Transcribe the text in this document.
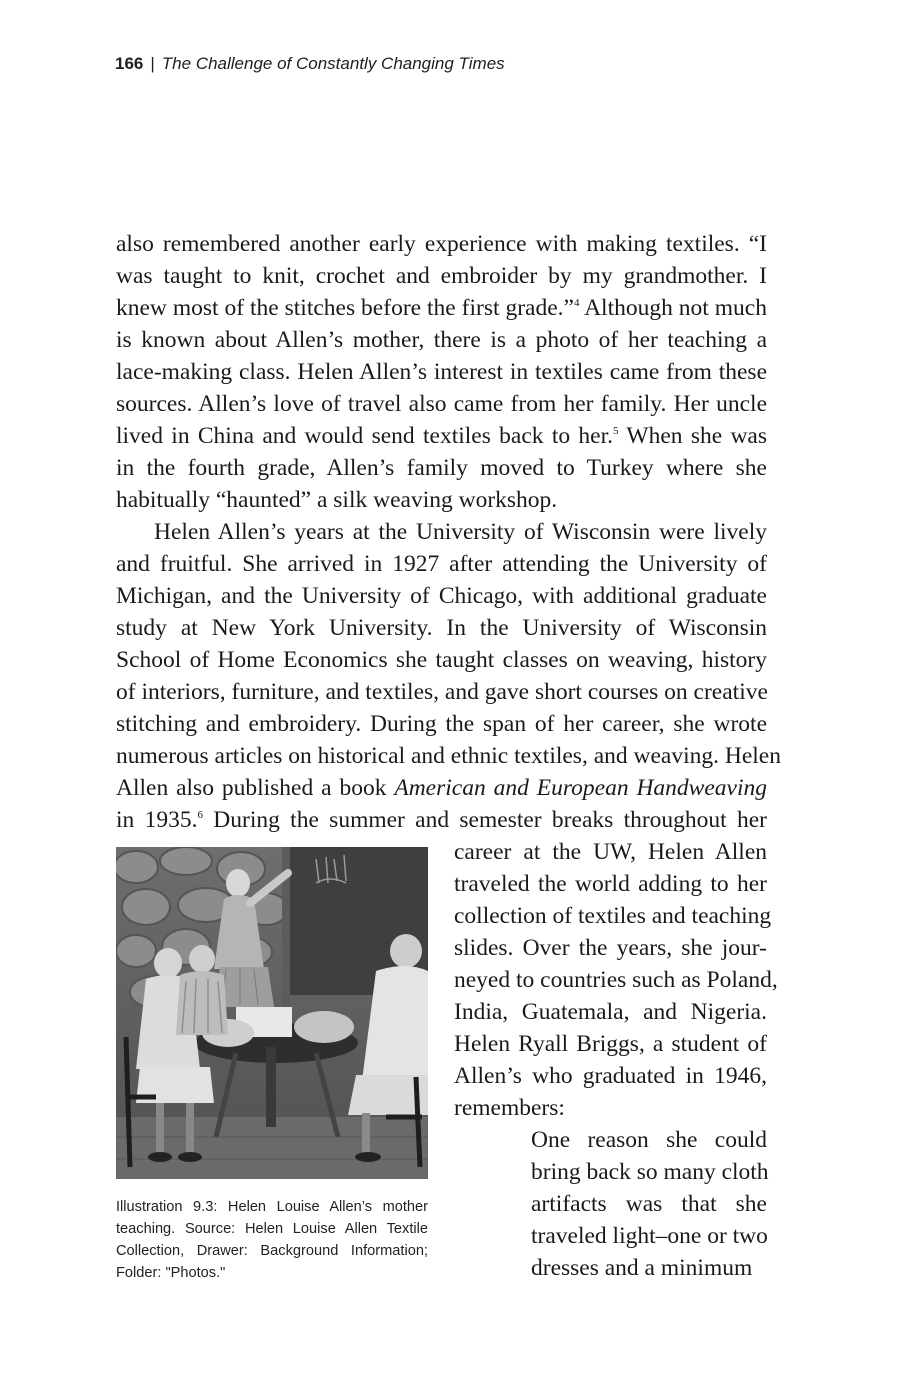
166 | The Challenge of Constantly Changing Times
also remembered another early experience with making textiles. “I
was taught to knit, crochet and embroider by my grandmother. I
knew most of the stitches before the first grade.”$^4$ Although not much
is known about Allen’s mother, there is a photo of her teaching a
lace-making class. Helen Allen’s interest in textiles came from these
sources. Allen’s love of travel also came from her family. Her uncle
lived in China and would send textiles back to her.$^5$ When she was
in the fourth grade, Allen’s family moved to Turkey where she
habitually “haunted” a silk weaving workshop.
Helen Allen’s years at the University of Wisconsin were lively
and fruitful. She arrived in 1927 after attending the University of
Michigan, and the University of Chicago, with additional graduate
study at New York University. In the University of Wisconsin
School of Home Economics she taught classes on weaving, history
of interiors, furniture, and textiles, and gave short courses on creative
stitching and embroidery. During the span of her career, she wrote
numerous articles on historical and ethnic textiles, and weaving. Helen
Allen also published a book American and European Handweaving
in 1935.$^6$ During the summer and semester breaks throughout her
career at the UW, Helen Allen
traveled the world adding to her
collection of textiles and teaching
slides. Over the years, she jour-
neyed to countries such as Poland,
India, Guatemala, and Nigeria.
Helen Ryall Briggs, a student of
Allen’s who graduated in 1946,
remembers:
One reason she could
bring back so many cloth
artifacts was that she
traveled light–one or two
dresses and a minimum
Illustration 9.3: Helen Louise Allen’s mother
teaching. Source: Helen Louise Allen Textile
Collection, Drawer: Background Information;
Folder: "Photos."
